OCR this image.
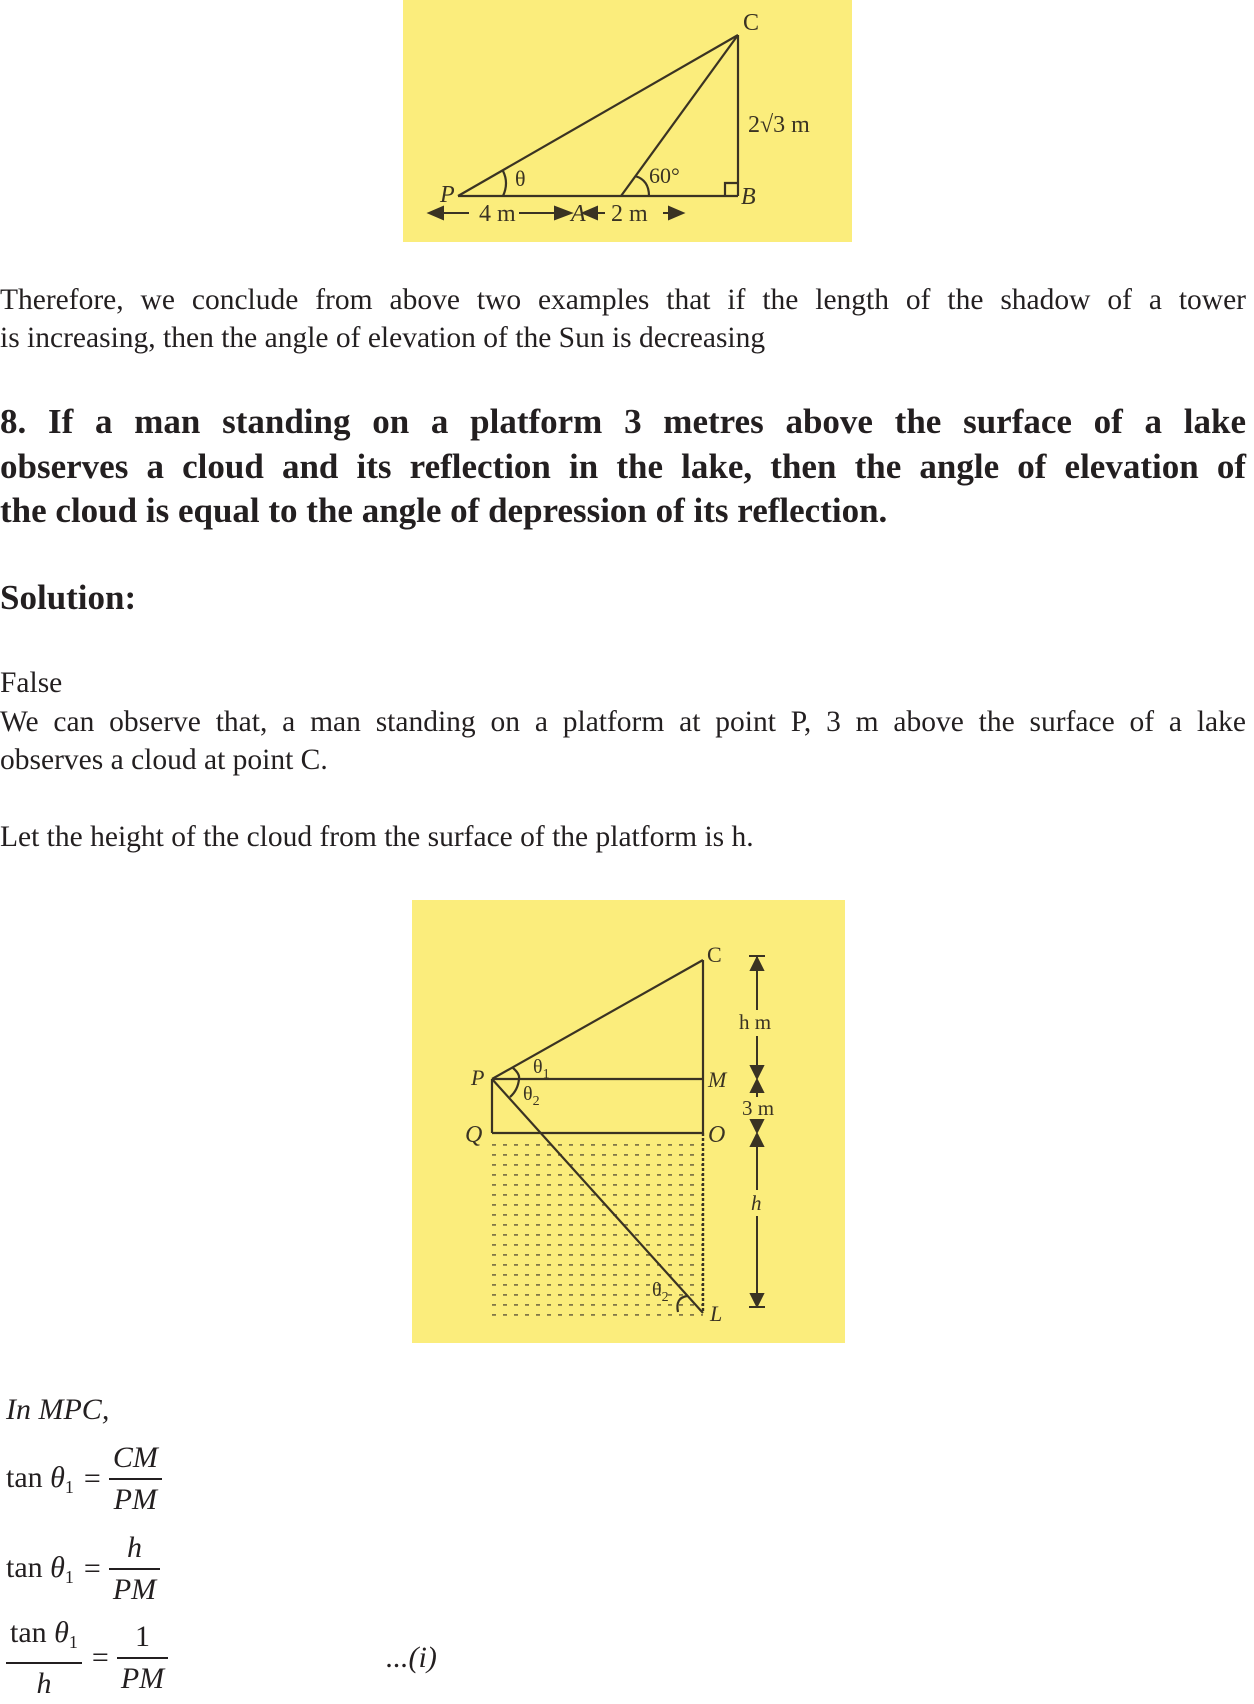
C
P
A
B
θ	60°
2√3 m
4 m	2 m
Therefore, we conclude from above two examples that if the length of the shadow of a tower
is increasing, then the angle of elevation of the Sun is decreasing
8. If a man standing on a platform 3 metres above the surface of a lake
observes a cloud and its reflection in the lake, then the angle of elevation of
the cloud is equal to the angle of depression of its reflection.
Solution:
False
We can observe that, a man standing on a platform at point P, 3 m above the surface of a lake
observes a cloud at point C.
Let the height of the cloud from the surface of the platform is h.
C
P	M
Q	O
L
$\theta_1$
$\theta_2$
$\theta_2$
h m
3 m
h
In MPC,
$\tan \theta_1 = \frac{CM}{PM}$
$\tan \theta_1 = \frac{h}{PM}$
$\frac{\tan \theta_1}{h} = \frac{1}{PM}$	...(i)
